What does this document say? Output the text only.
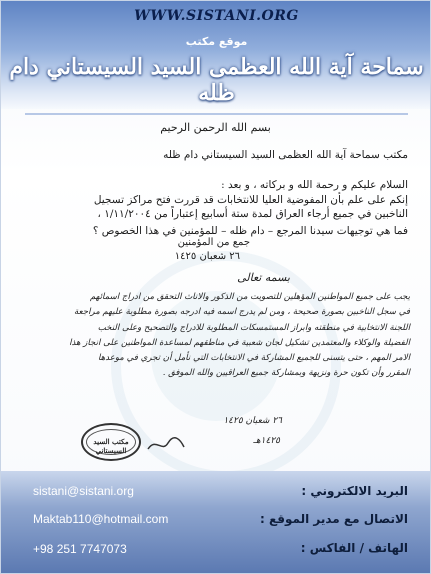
WWW.SISTANI.ORG
موقع مكتب
سماحة آية الله العظمى السيد السيستاني دام ظله
بسم الله الرحمن الرحيم
مكتب سماحة آية الله العظمى السيد السيستاني دام ظله
السلام عليكم و رحمة الله و بركاته ، و بعد :
إنكم على علم بأن المفوضية العليا للانتخابات قد قررت فتح مراكز تسجيل
الناخبين في جميع أرجاء العراق لمدة ستة أسابيع إعتباراً من ١/١١/٢٠٠٤ ،
فما هي توجيهات سيدنا المرجع – دام ظله – للمؤمنين في هذا الخصوص ؟
جمع من المؤمنين
٢٦ شعبان ١٤٢٥
بسمه تعالى
يجب على جميع المواطنين المؤهلين للتصويت من الذكور والاناث التحقق من ادراج اسمائهم
في سجل الناخبين بصورة صحيحة ، ومن لم يدرج اسمه فيه ادرجه بصورة مطلوبة عليهم مراجعة
اللجنة الانتخابية في منطقته وابراز المستمسكات المطلوبة للادراج والتصحيح وعلى النخب
الفضيلة والوكلاء والمعتمدين تشكيل لجان شعبية في مناطقهم لمساعدة المواطنين على انجاز هذا
الامر المهم ، حتى يتسنى للجميع المشاركة في الانتخابات التي نأمل أن تجري في موعدها
المقرر وأن تكون حرة ونزيهة وبمشاركة جميع العراقيين والله الموفق .
٢٦ شعبان ١٤٢٥
١٤٢٥هـ
مكتب السيد السيستاني
البريد الالكتروني :
sistani@sistani.org
الاتصال مع مدير الموقع :
Maktab110@hotmail.com
الهاتف / الفاكس :
+98 251 7747073
